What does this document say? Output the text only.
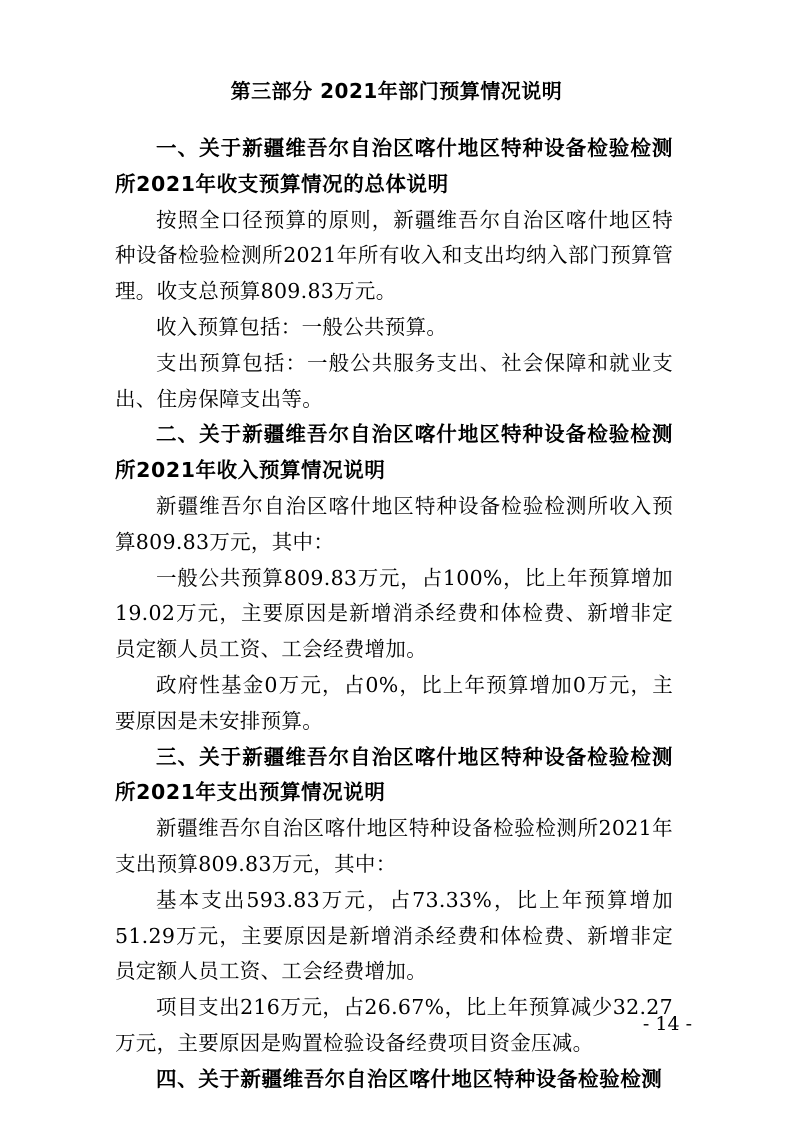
第三部分 2021年部门预算情况说明

一、关于新疆维吾尔自治区喀什地区特种设备检验检测所2021年收支预算情况的总体说明

按照全口径预算的原则，新疆维吾尔自治区喀什地区特种设备检验检测所2021年所有收入和支出均纳入部门预算管理。收支总预算809.83万元。

收入预算包括：一般公共预算。

支出预算包括：一般公共服务支出、社会保障和就业支出、住房保障支出等。

二、关于新疆维吾尔自治区喀什地区特种设备检验检测所2021年收入预算情况说明

新疆维吾尔自治区喀什地区特种设备检验检测所收入预算809.83万元，其中：

一般公共预算809.83万元，占100%，比上年预算增加19.02万元，主要原因是新增消杀经费和体检费、新增非定员定额人员工资、工会经费增加。

政府性基金0万元，占0%，比上年预算增加0万元，主要原因是未安排预算。

三、关于新疆维吾尔自治区喀什地区特种设备检验检测所2021年支出预算情况说明

新疆维吾尔自治区喀什地区特种设备检验检测所2021年支出预算809.83万元，其中：

基本支出593.83万元，占73.33%，比上年预算增加51.29万元，主要原因是新增消杀经费和体检费、新增非定员定额人员工资、工会经费增加。

项目支出216万元，占26.67%，比上年预算减少32.27万元，主要原因是购置检验设备经费项目资金压减。

四、关于新疆维吾尔自治区喀什地区特种设备检验检测

- 14 -
